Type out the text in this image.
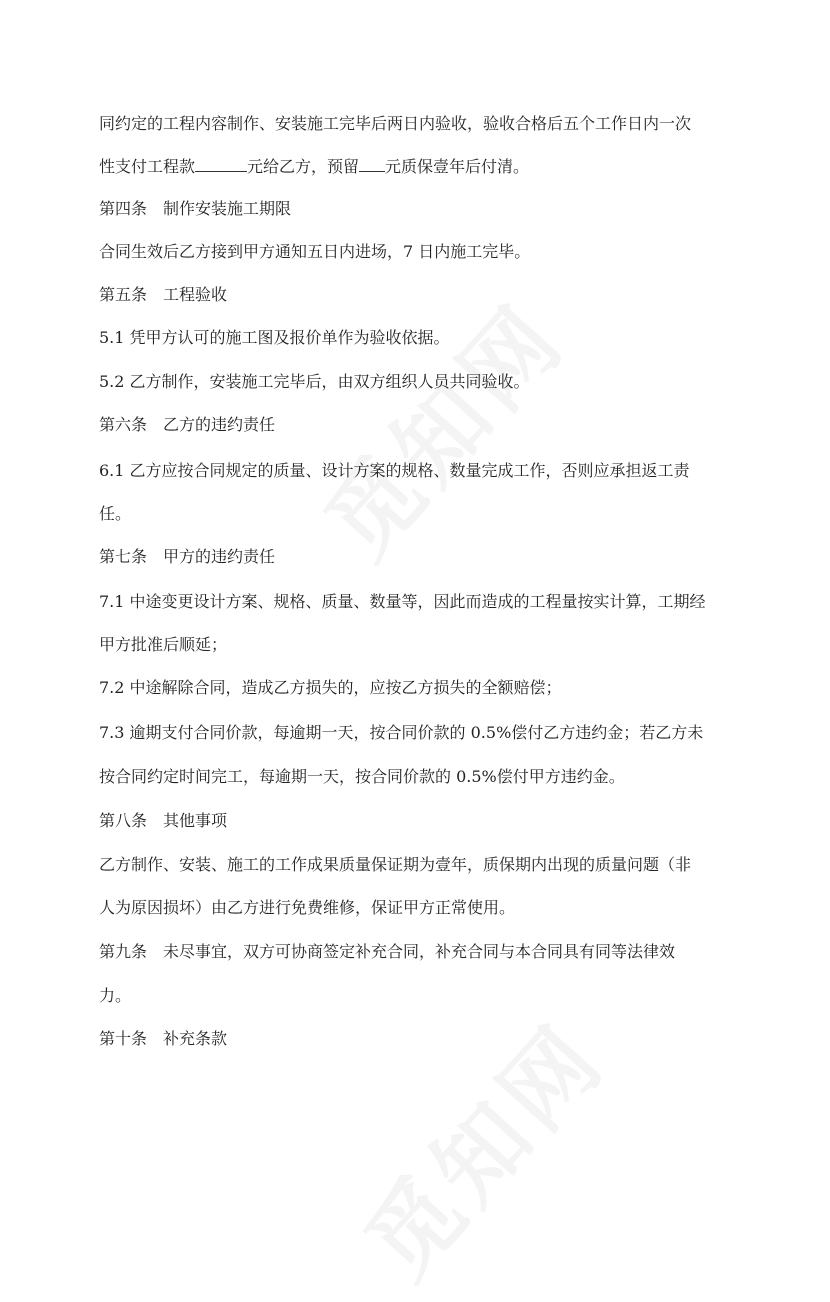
同约定的工程内容制作、安装施工完毕后两日内验收，验收合格后五个工作日内一次

性支付工程款	元给乙方，预留 元质保壹年后付清。

第四条　制作安装施工期限

合同生效后乙方接到甲方通知五日内进场，7 日内施工完毕。

第五条　工程验收

5.1 凭甲方认可的施工图及报价单作为验收依据。

5.2 乙方制作，安装施工完毕后，由双方组织人员共同验收。

第六条　乙方的违约责任

6.1 乙方应按合同规定的质量、设计方案的规格、数量完成工作，否则应承担返工责

任。

第七条　甲方的违约责任

7.1 中途变更设计方案、规格、质量、数量等，因此而造成的工程量按实计算，工期经

甲方批准后顺延；

7.2 中途解除合同，造成乙方损失的，应按乙方损失的全额赔偿；

7.3 逾期支付合同价款，每逾期一天，按合同价款的 0.5%偿付乙方违约金；若乙方未

按合同约定时间完工，每逾期一天，按合同价款的 0.5%偿付甲方违约金。

第八条　其他事项

乙方制作、安装、施工的工作成果质量保证期为壹年，质保期内出现的质量问题（非

人为原因损坏）由乙方进行免费维修，保证甲方正常使用。

第九条　未尽事宜，双方可协商签定补充合同，补充合同与本合同具有同等法律效

力。

第十条　补充条款
